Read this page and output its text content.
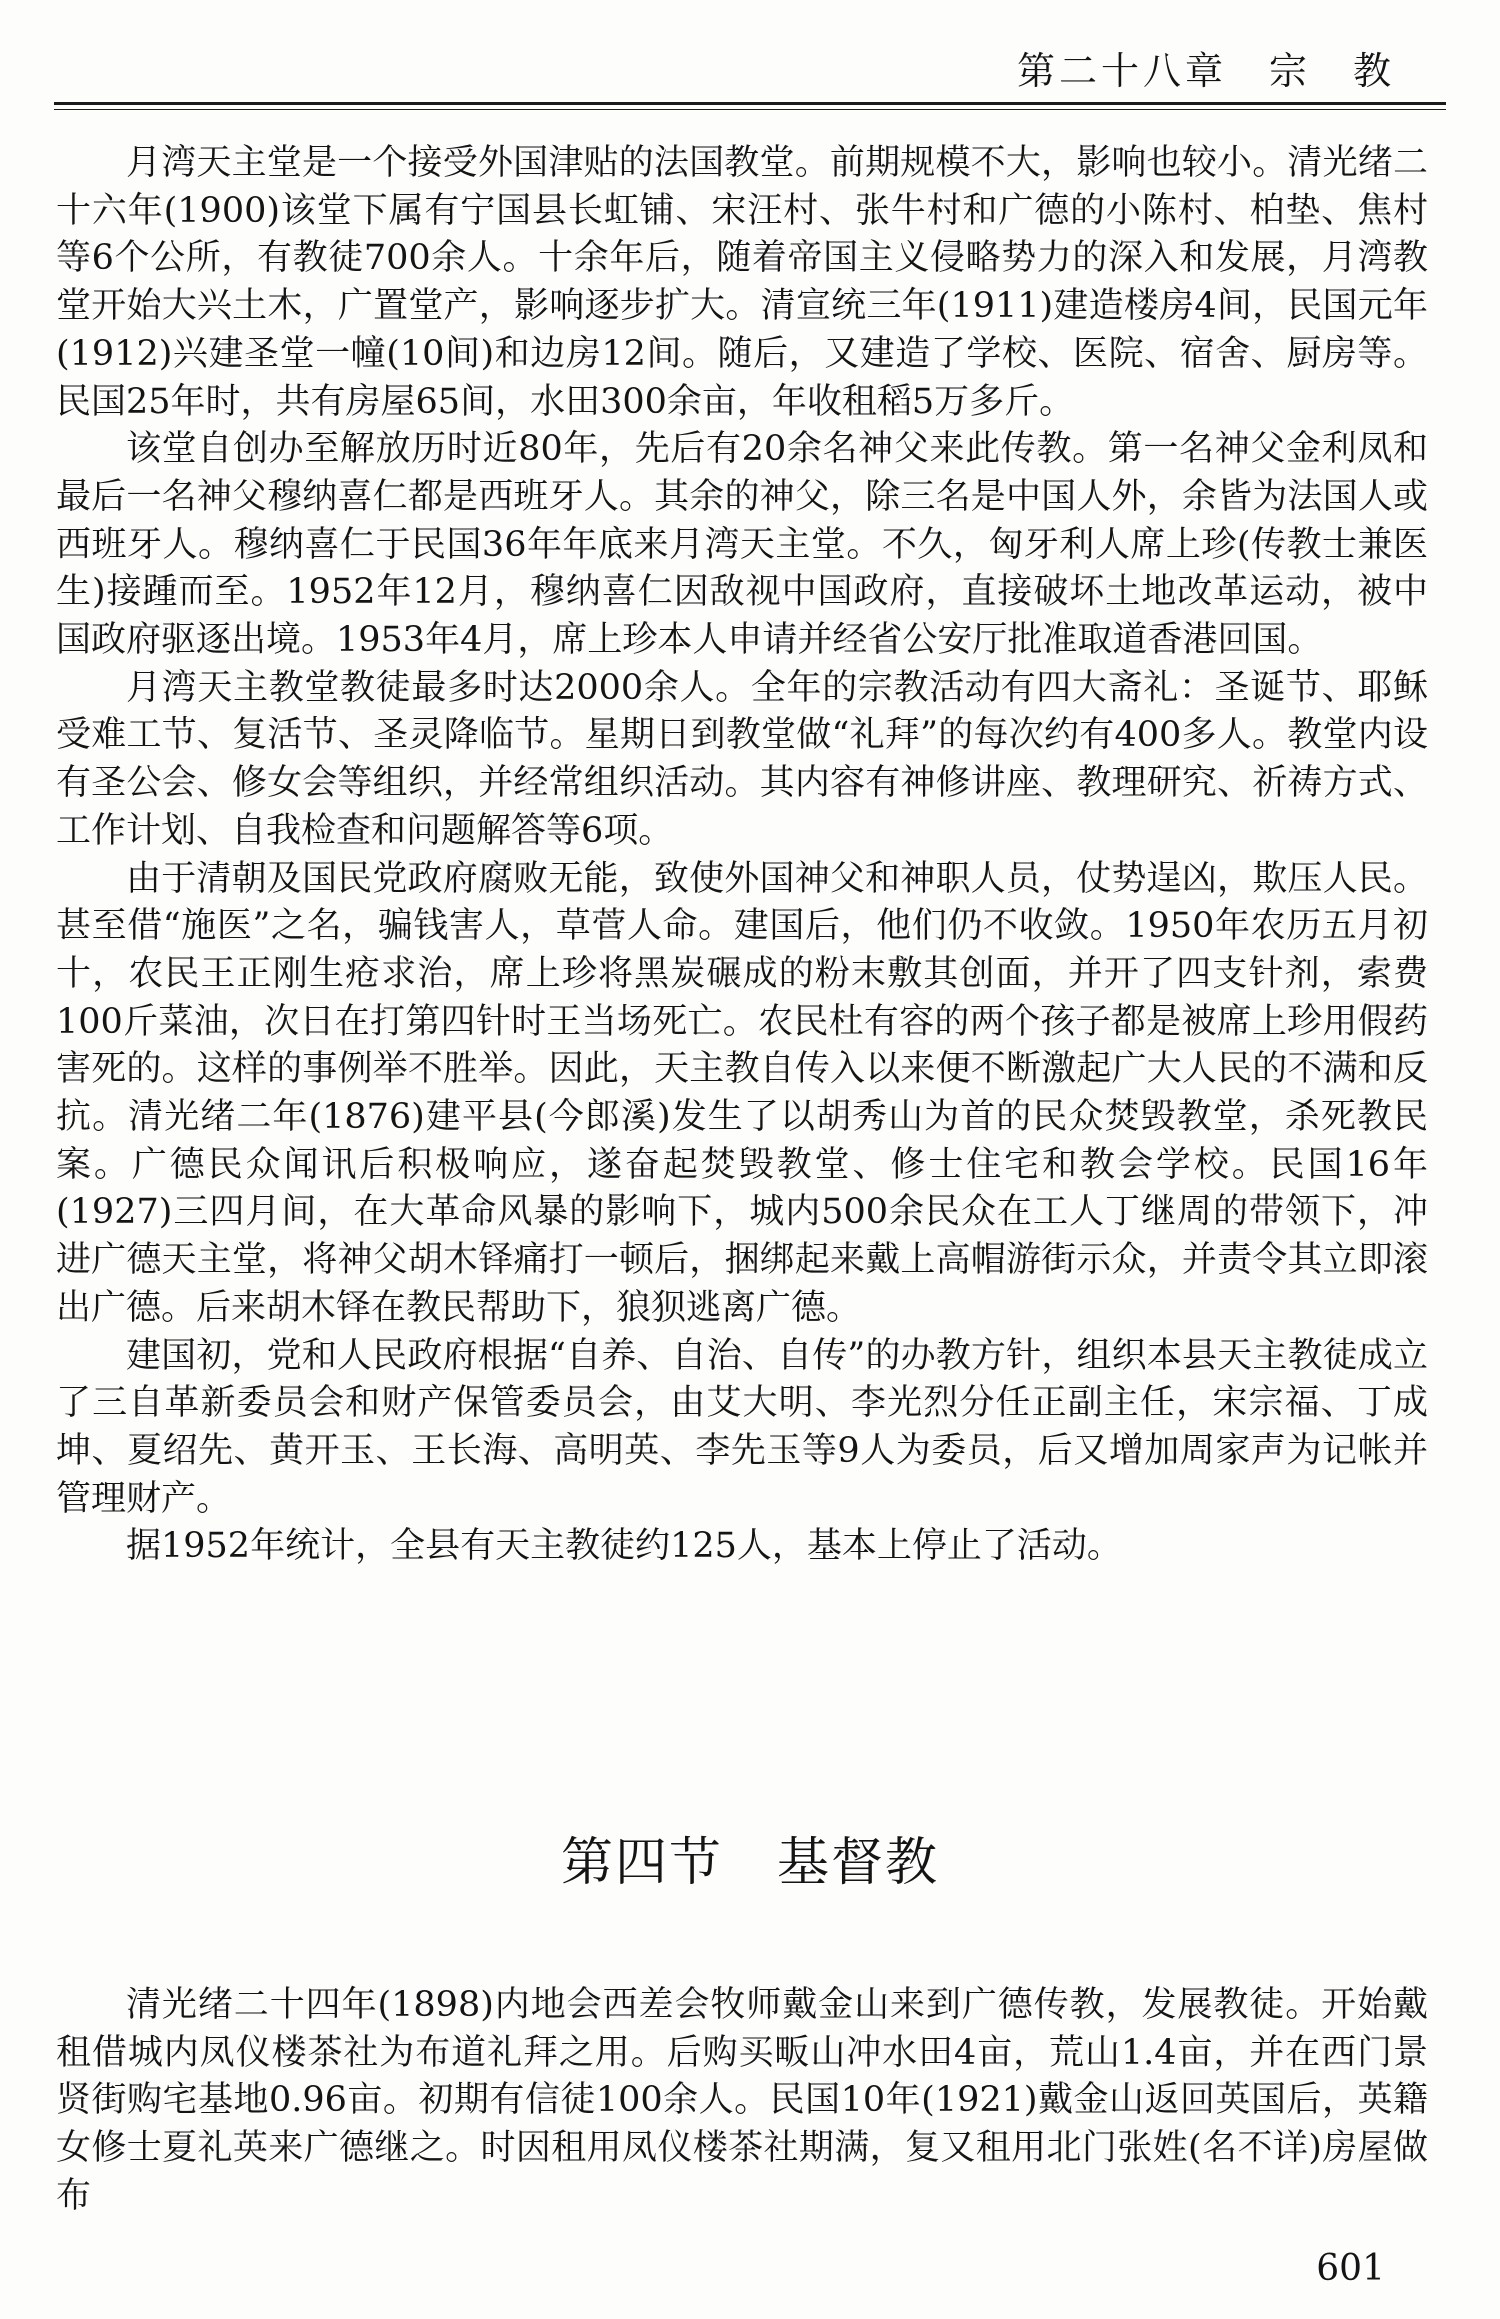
第二十八章　宗　教

月湾天主堂是一个接受外国津贴的法国教堂。前期规模不大，影响也较小。清光绪二十六年(1900)该堂下属有宁国县长虹铺、宋汪村、张牛村和广德的小陈村、柏垫、焦村等6个公所，有教徒700余人。十余年后，随着帝国主义侵略势力的深入和发展，月湾教堂开始大兴土木，广置堂产，影响逐步扩大。清宣统三年(1911)建造楼房4间，民国元年(1912)兴建圣堂一幢(10间)和边房12间。随后，又建造了学校、医院、宿舍、厨房等。民国25年时，共有房屋65间，水田300余亩，年收租稻5万多斤。

该堂自创办至解放历时近80年，先后有20余名神父来此传教。第一名神父金利凤和最后一名神父穆纳喜仁都是西班牙人。其余的神父，除三名是中国人外，余皆为法国人或西班牙人。穆纳喜仁于民国36年年底来月湾天主堂。不久，匈牙利人席上珍(传教士兼医生)接踵而至。1952年12月，穆纳喜仁因敌视中国政府，直接破坏土地改革运动，被中国政府驱逐出境。1953年4月，席上珍本人申请并经省公安厅批准取道香港回国。

月湾天主教堂教徒最多时达2000余人。全年的宗教活动有四大斋礼：圣诞节、耶稣受难工节、复活节、圣灵降临节。星期日到教堂做“礼拜”的每次约有400多人。教堂内设有圣公会、修女会等组织，并经常组织活动。其内容有神修讲座、教理研究、祈祷方式、工作计划、自我检查和问题解答等6项。

由于清朝及国民党政府腐败无能，致使外国神父和神职人员，仗势逞凶，欺压人民。甚至借“施医”之名，骗钱害人，草菅人命。建国后，他们仍不收敛。1950年农历五月初十，农民王正刚生疮求治，席上珍将黑炭碾成的粉末敷其创面，并开了四支针剂，索费100斤菜油，次日在打第四针时王当场死亡。农民杜有容的两个孩子都是被席上珍用假药害死的。这样的事例举不胜举。因此，天主教自传入以来便不断激起广大人民的不满和反抗。清光绪二年(1876)建平县(今郎溪)发生了以胡秀山为首的民众焚毁教堂，杀死教民案。广德民众闻讯后积极响应，遂奋起焚毁教堂、修士住宅和教会学校。民国16年(1927)三四月间，在大革命风暴的影响下，城内500余民众在工人丁继周的带领下，冲进广德天主堂，将神父胡木铎痛打一顿后，捆绑起来戴上高帽游街示众，并责令其立即滚出广德。后来胡木铎在教民帮助下，狼狈逃离广德。

建国初，党和人民政府根据“自养、自治、自传”的办教方针，组织本县天主教徒成立了三自革新委员会和财产保管委员会，由艾大明、李光烈分任正副主任，宋宗福、丁成坤、夏绍先、黄开玉、王长海、高明英、李先玉等9人为委员，后又增加周家声为记帐并管理财产。

据1952年统计，全县有天主教徒约125人，基本上停止了活动。

第四节　基督教

清光绪二十四年(1898)内地会西差会牧师戴金山来到广德传教，发展教徒。开始戴租借城内凤仪楼茶社为布道礼拜之用。后购买畈山冲水田4亩，荒山1.4亩，并在西门景贤街购宅基地0.96亩。初期有信徒100余人。民国10年(1921)戴金山返回英国后，英籍女修士夏礼英来广德继之。时因租用凤仪楼茶社期满，复又租用北门张姓(名不详)房屋做布

601
